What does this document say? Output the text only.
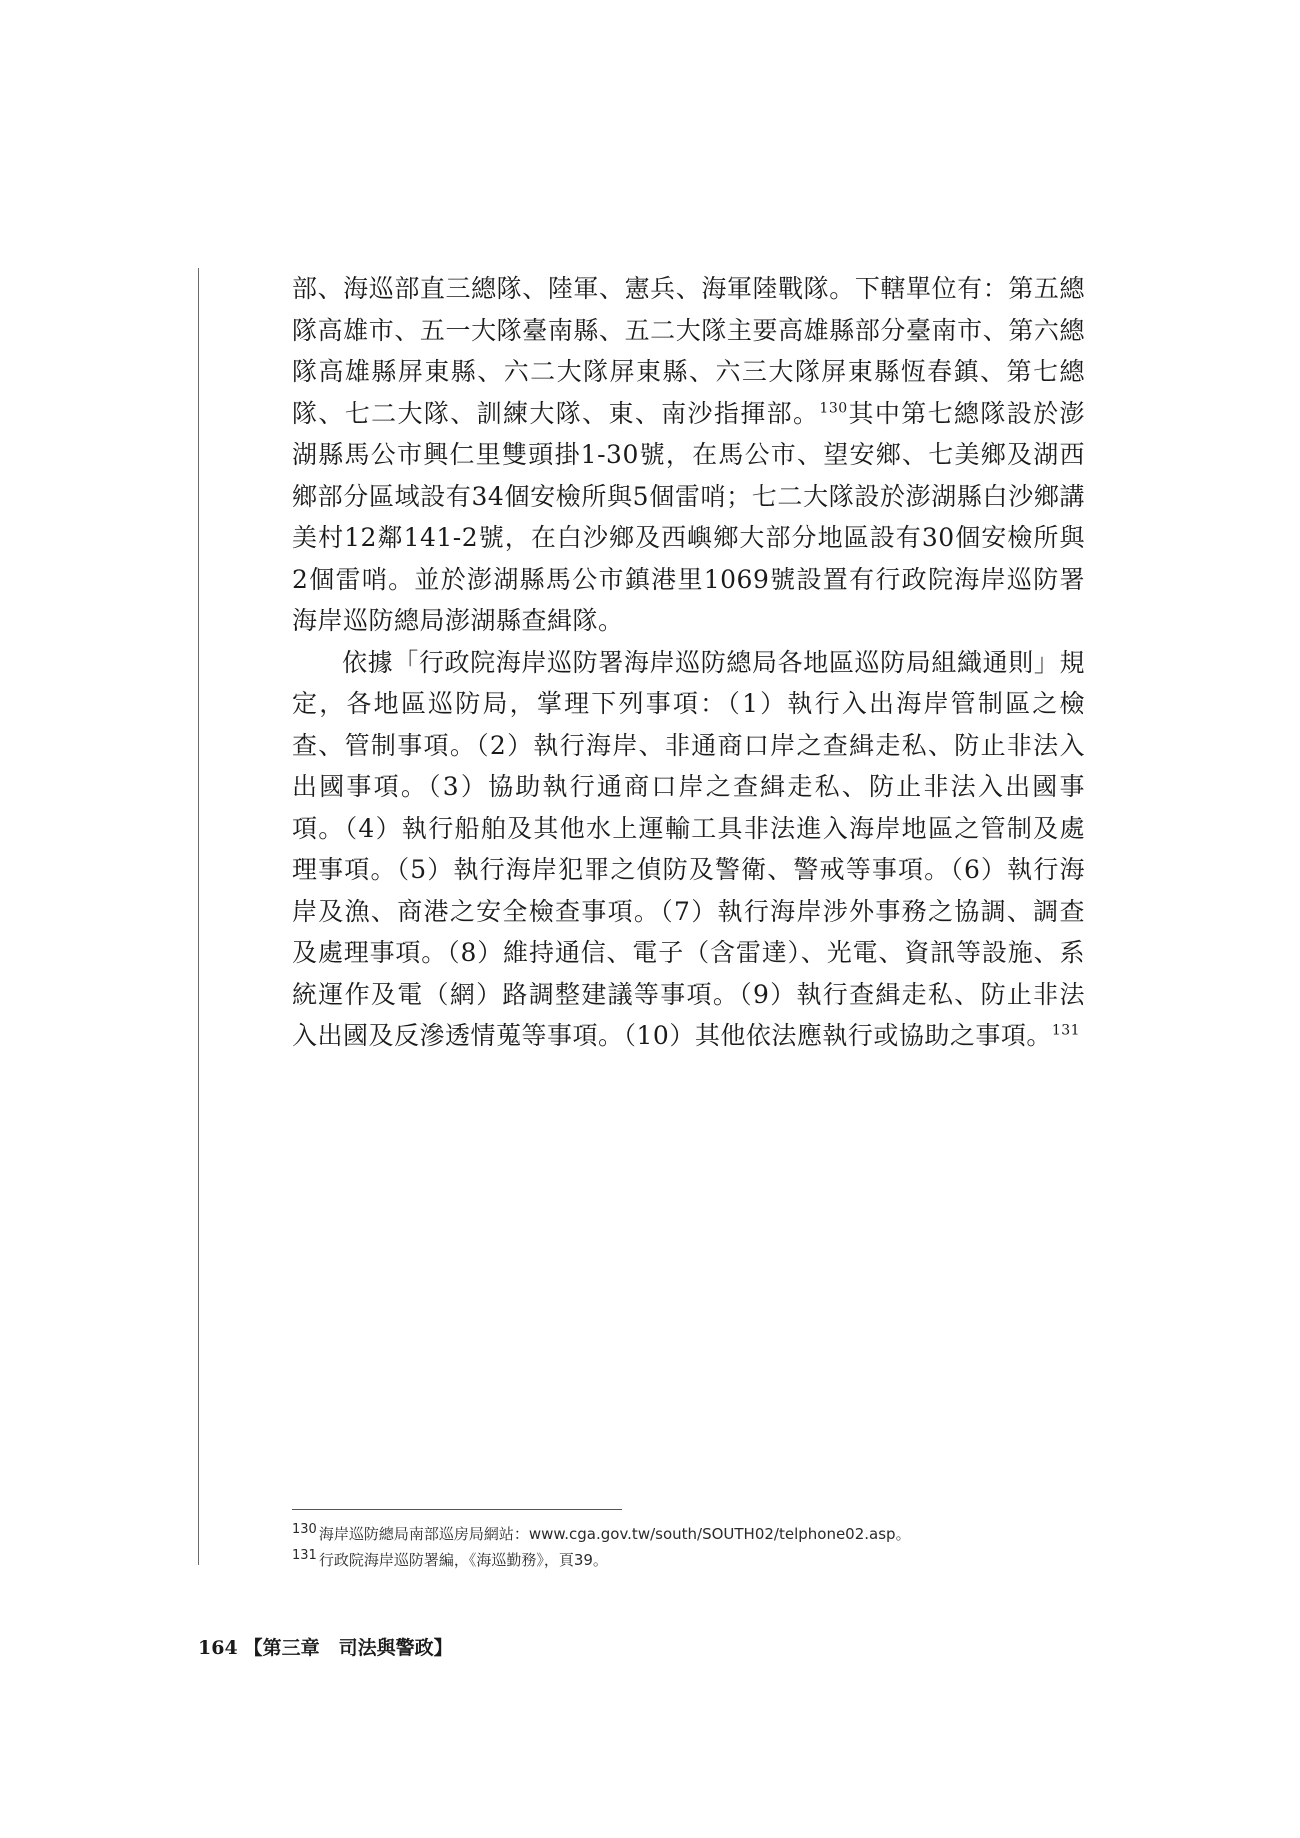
部、海巡部直三總隊、陸軍、憲兵、海軍陸戰隊。下轄單位有：第五總隊高雄市、五一大隊臺南縣、五二大隊主要高雄縣部分臺南市、第六總隊高雄縣屏東縣、六二大隊屏東縣、六三大隊屏東縣恆春鎮、第七總隊、七二大隊、訓練大隊、東、南沙指揮部。$^{130}$其中第七總隊設於澎湖縣馬公市興仁里雙頭掛1-30號，在馬公市、望安鄉、七美鄉及湖西鄉部分區域設有34個安檢所與5個雷哨；七二大隊設於澎湖縣白沙鄉講美村12鄰141-2號，在白沙鄉及西嶼鄉大部分地區設有30個安檢所與2個雷哨。並於澎湖縣馬公市鎮港里1069號設置有行政院海岸巡防署海岸巡防總局澎湖縣查緝隊。

依據「行政院海岸巡防署海岸巡防總局各地區巡防局組織通則」規定，各地區巡防局，掌理下列事項：（1）執行入出海岸管制區之檢查、管制事項。（2）執行海岸、非通商口岸之查緝走私、防止非法入出國事項。（3）協助執行通商口岸之查緝走私、防止非法入出國事項。（4）執行船舶及其他水上運輸工具非法進入海岸地區之管制及處理事項。（5）執行海岸犯罪之偵防及警衛、警戒等事項。（6）執行海岸及漁、商港之安全檢查事項。（7）執行海岸涉外事務之協調、調查及處理事項。（8）維持通信、電子（含雷達）、光電、資訊等設施、系統運作及電（網）路調整建議等事項。（9）執行查緝走私、防止非法入出國及反滲透情蒐等事項。（10）其他依法應執行或協助之事項。$^{131}$

130 海岸巡防總局南部巡房局網站：www.cga.gov.tw/south/SOUTH02/telphone02.asp。
131 行政院海岸巡防署編，《海巡勤務》，頁39。
164 【第三章　司法與警政】
